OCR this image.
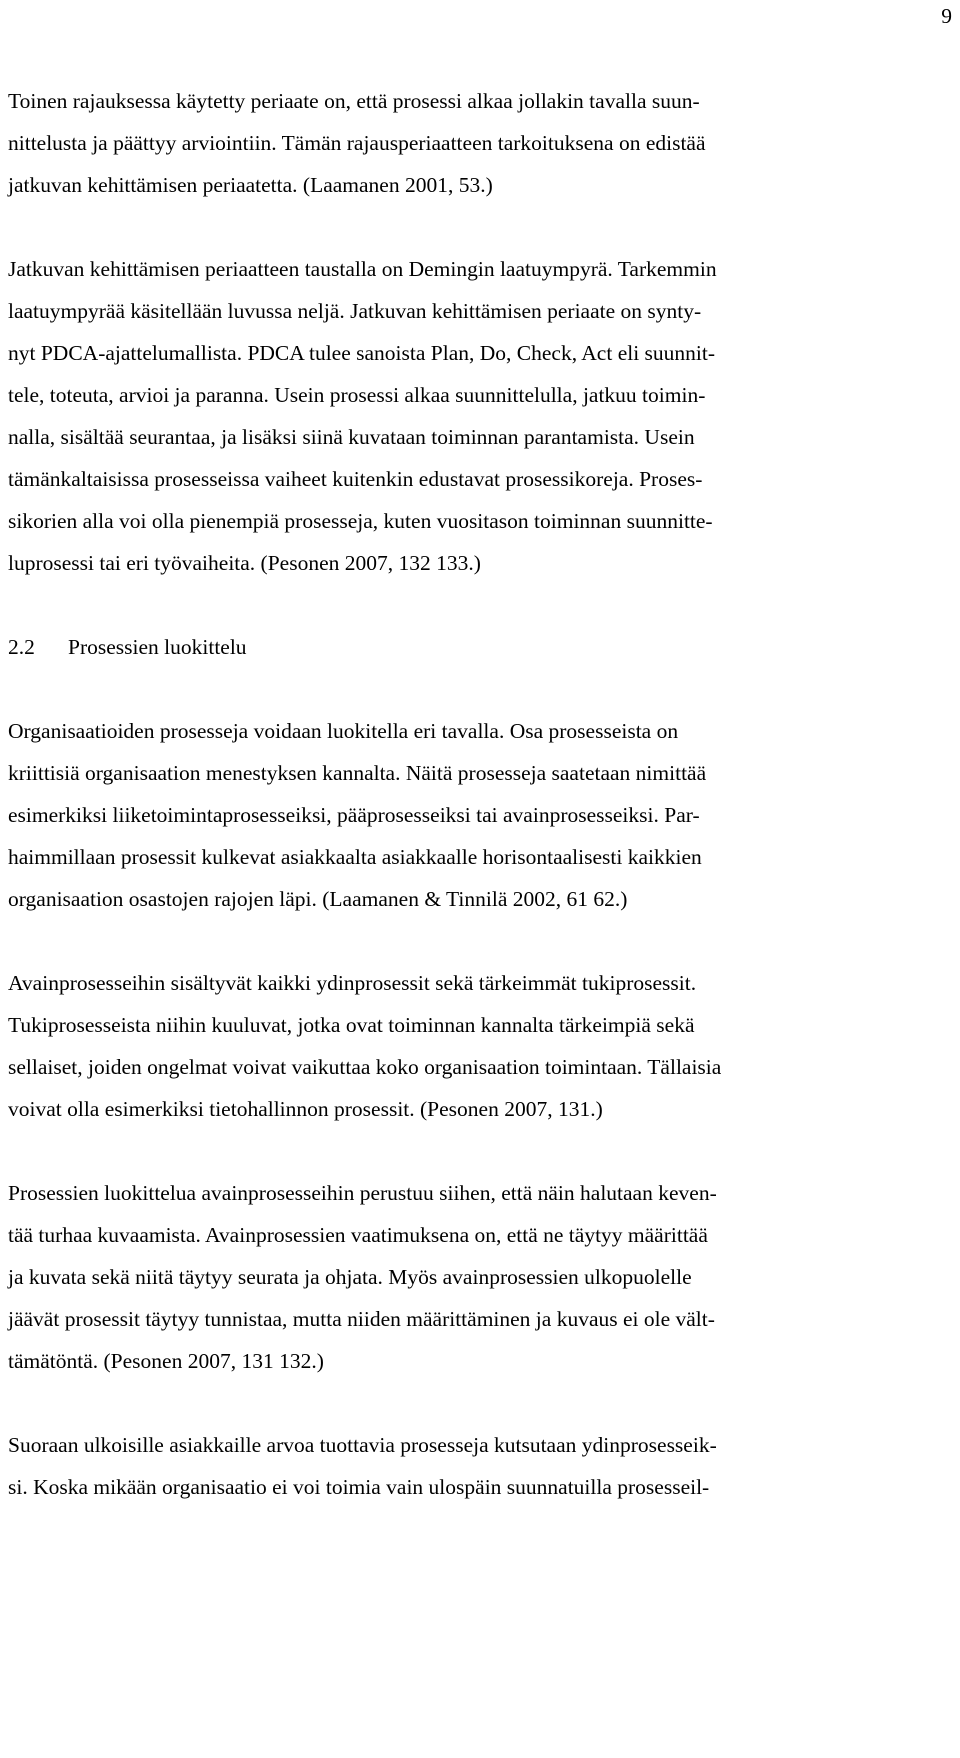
9
Toinen rajauksessa käytetty periaate on, että prosessi alkaa jollakin tavalla suun-
nittelusta ja päättyy arviointiin. Tämän rajausperiaatteen tarkoituksena on edistää
jatkuvan kehittämisen periaatetta. (Laamanen 2001, 53.)
Jatkuvan kehittämisen periaatteen taustalla on Demingin laatuympyrä. Tarkemmin
laatuympyrää käsitellään luvussa neljä. Jatkuvan kehittämisen periaate on synty-
nyt PDCA-ajattelumallista. PDCA tulee sanoista Plan, Do, Check, Act eli suunnit-
tele, toteuta, arvioi ja paranna. Usein prosessi alkaa suunnittelulla, jatkuu toimin-
nalla, sisältää seurantaa, ja lisäksi siinä kuvataan toiminnan parantamista. Usein
tämänkaltaisissa prosesseissa vaiheet kuitenkin edustavat prosessikoreja. Proses-
sikorien alla voi olla pienempiä prosesseja, kuten vuositason toiminnan suunnitte-
luprosessi tai eri työvaiheita. (Pesonen 2007, 132 133.)
2.2 Prosessien luokittelu
Organisaatioiden prosesseja voidaan luokitella eri tavalla. Osa prosesseista on
kriittisiä organisaation menestyksen kannalta. Näitä prosesseja saatetaan nimittää
esimerkiksi liiketoimintaprosesseiksi, pääprosesseiksi tai avainprosesseiksi. Par-
haimmillaan prosessit kulkevat asiakkaalta asiakkaalle horisontaalisesti kaikkien
organisaation osastojen rajojen läpi. (Laamanen & Tinnilä 2002, 61 62.)
Avainprosesseihin sisältyvät kaikki ydinprosessit sekä tärkeimmät tukiprosessit.
Tukiprosesseista niihin kuuluvat, jotka ovat toiminnan kannalta tärkeimpiä sekä
sellaiset, joiden ongelmat voivat vaikuttaa koko organisaation toimintaan. Tällaisia
voivat olla esimerkiksi tietohallinnon prosessit. (Pesonen 2007, 131.)
Prosessien luokittelua avainprosesseihin perustuu siihen, että näin halutaan keven-
tää turhaa kuvaamista. Avainprosessien vaatimuksena on, että ne täytyy määrittää
ja kuvata sekä niitä täytyy seurata ja ohjata. Myös avainprosessien ulkopuolelle
jäävät prosessit täytyy tunnistaa, mutta niiden määrittäminen ja kuvaus ei ole vält-
tämätöntä. (Pesonen 2007, 131 132.)
Suoraan ulkoisille asiakkaille arvoa tuottavia prosesseja kutsutaan ydinprosesseik-
si. Koska mikään organisaatio ei voi toimia vain ulospäin suunnatuilla prosesseil-
